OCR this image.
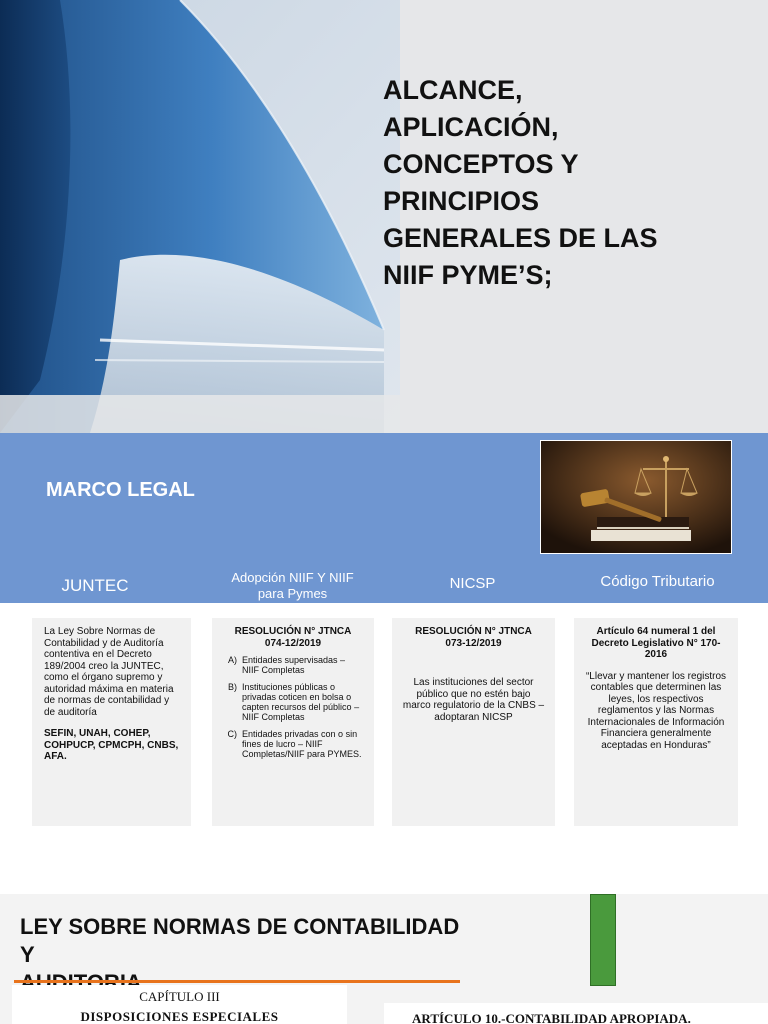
ALCANCE,
APLICACIÓN,
CONCEPTOS Y
PRINCIPIOS
GENERALES DE LAS
NIIF PYME’S;
MARCO LEGAL
JUNTEC	Adopción NIIF Y NIIF
para Pymes
NICSP	Código Tributario
La Ley Sobre Normas de Contabilidad y de Auditoría contentiva en el Decreto 189/2004 creo la JUNTEC, como el órgano supremo y autoridad máxima en materia de normas de contabilidad y de auditoría
SEFIN, UNAH, COHEP, COHPUCP, CPMCPH, CNBS, AFA.
RESOLUCIÓN N° JTNCA
074-12/2019
A. Entidades supervisadas – NIIF Completas
B. Instituciones públicas o privadas coticen en bolsa o capten recursos del público – NIIF Completas
C. Entidades privadas con o sin fines de lucro – NIIF Completas/NIIF para PYMES.
RESOLUCIÓN N° JTNCA
073-12/2019
Las instituciones del sector público que no estén bajo marco regulatorio de la CNBS – adoptaran NICSP
Artículo 64 numeral 1 del Decreto Legislativo N° 170-2016
“Llevar y mantener los registros contables que determinen las leyes, los respectivos reglamentos y las Normas Internacionales de Información Financiera generalmente aceptadas en Honduras”
LEY SOBRE NORMAS DE CONTABILIDAD Y

CAPÍTULO III
DISPOSICIONES ESPECIALES	ARTÍCULO 10.-CONTABILIDAD APROPIADA.
